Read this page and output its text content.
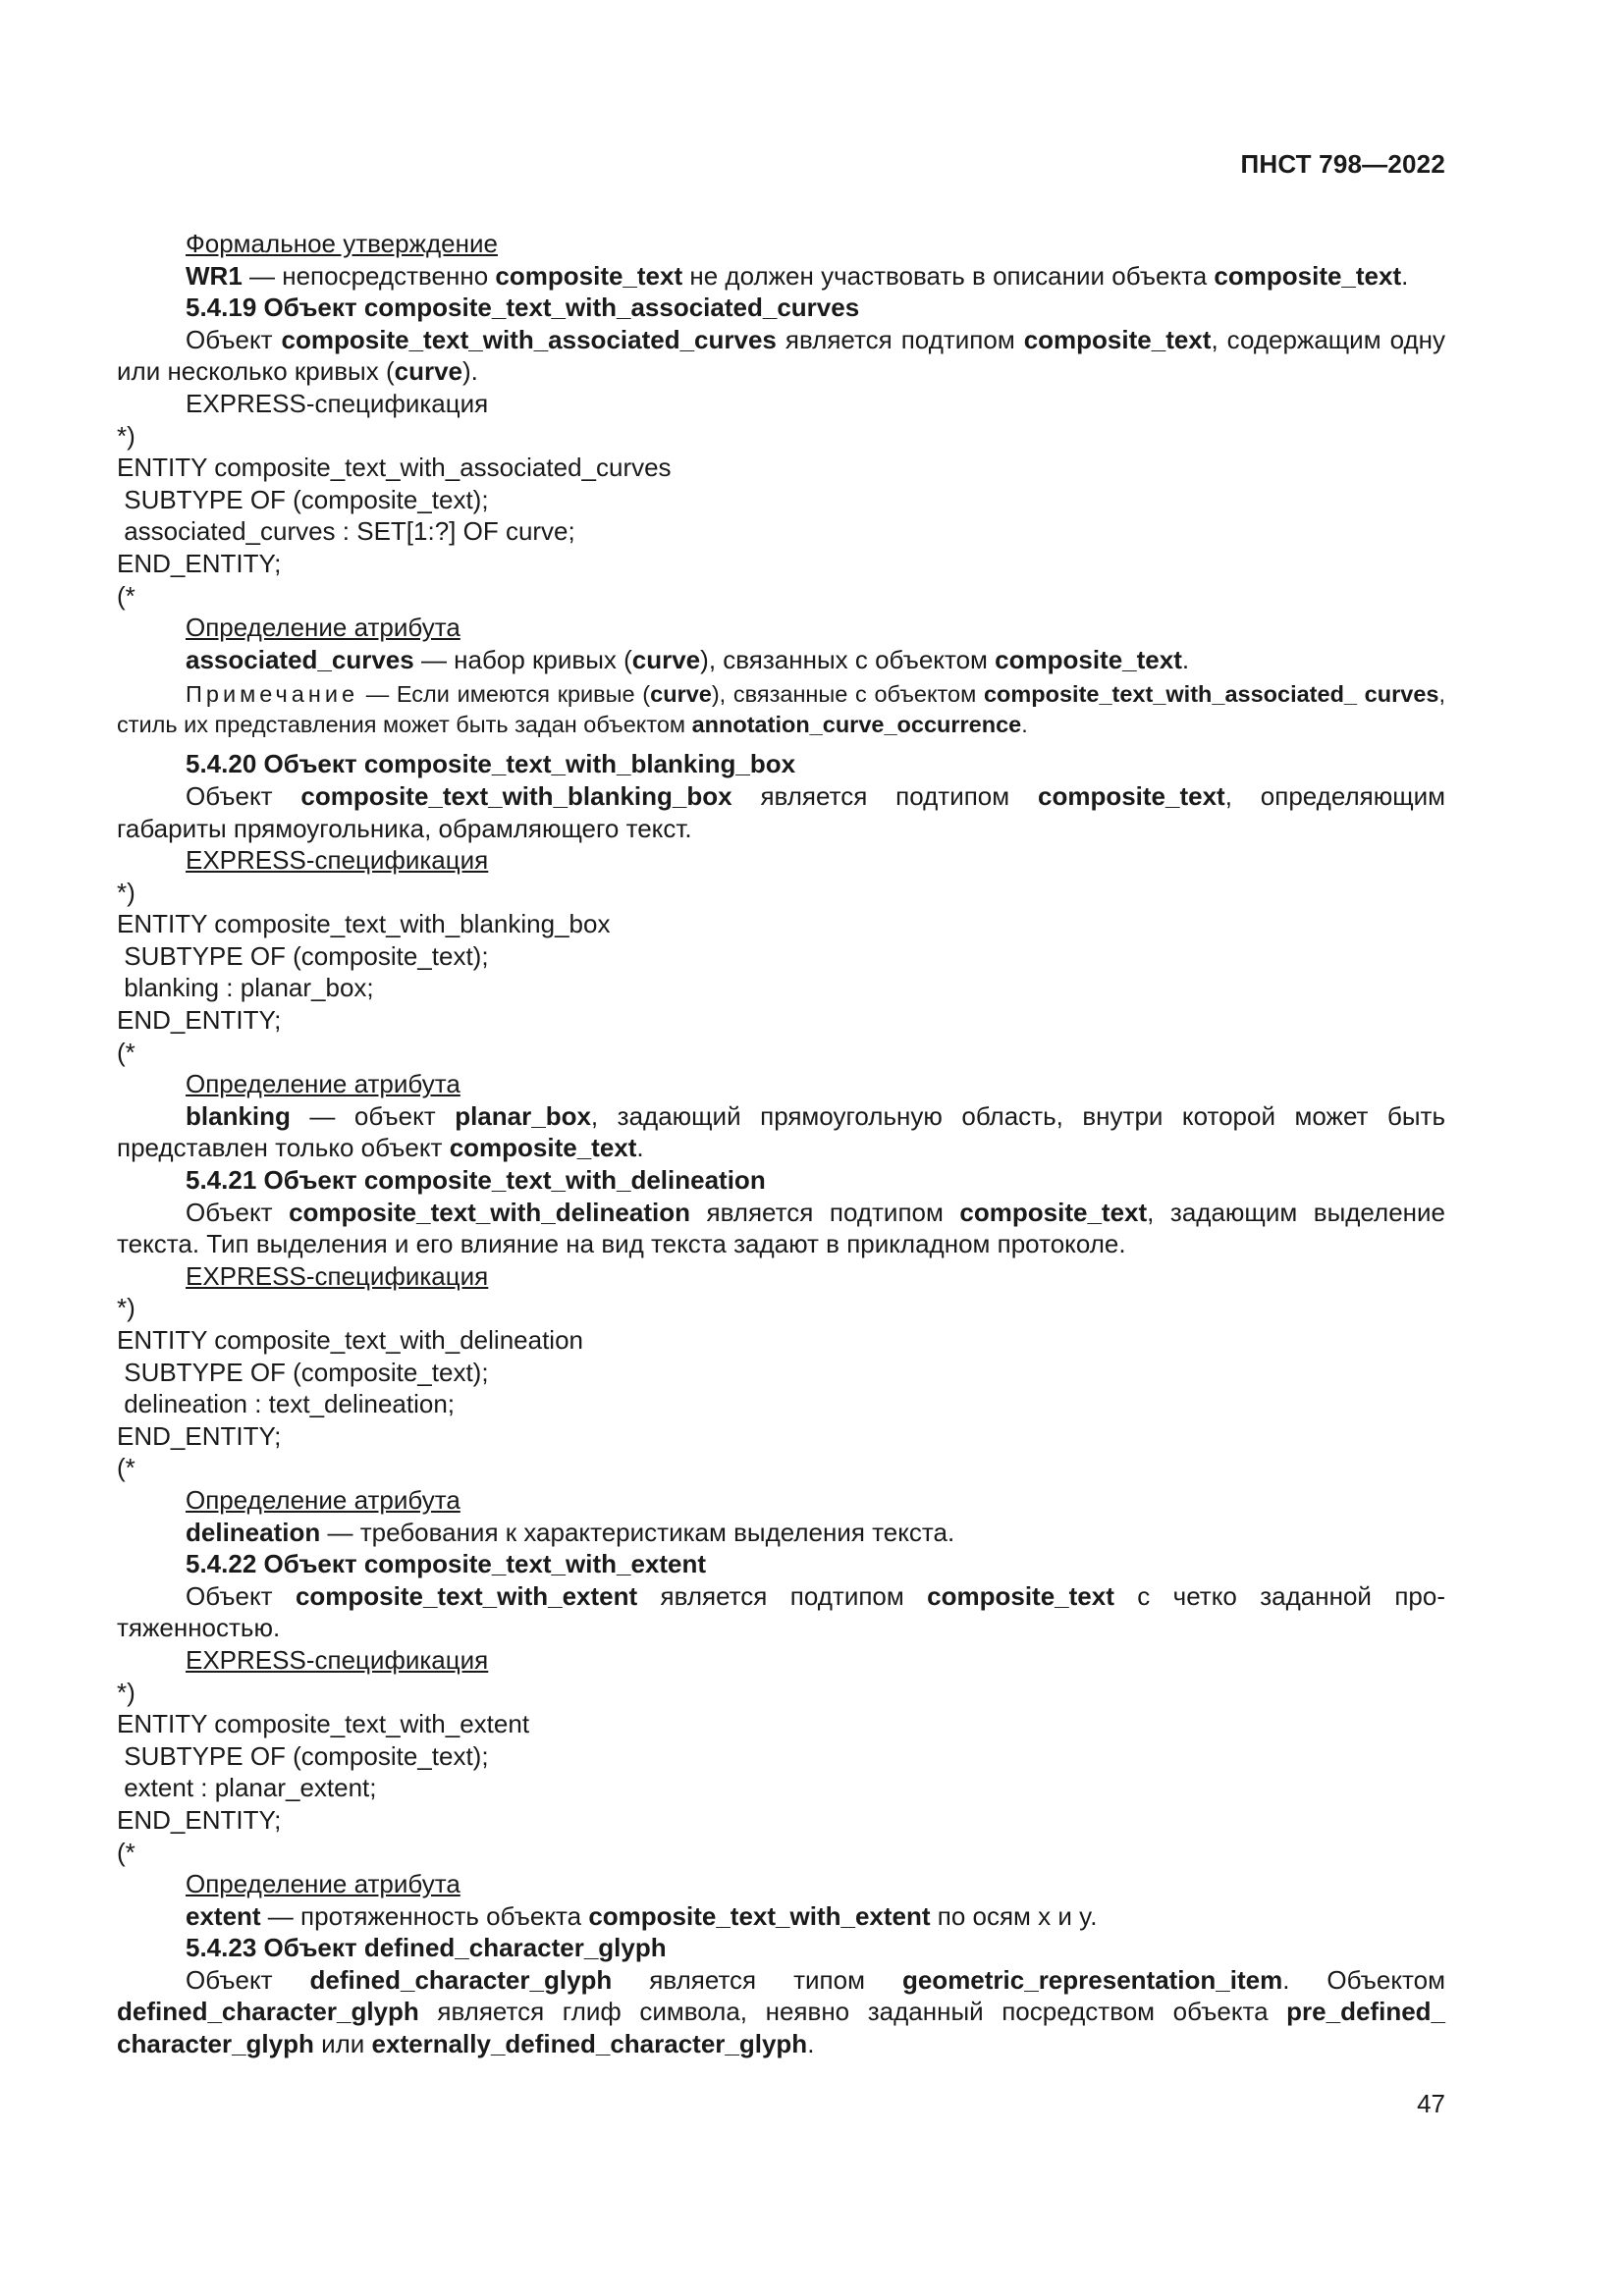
ПНСТ 798—2022

Формальное утверждение

WR1 — непосредственно composite_text не должен участвовать в описании объекта composite_text.

5.4.19 Объект composite_text_with_associated_curves

Объект composite_text_with_associated_curves является подтипом composite_text, содержащим одну или несколько кривых (curve).

EXPRESS-спецификация

*)

ENTITY composite_text_with_associated_curves

SUBTYPE OF (composite_text);

associated_curves : SET[1:?] OF curve;

END_ENTITY;

(*

Определение атрибута

associated_curves — набор кривых (curve), связанных с объектом composite_text.

Примечание — Если имеются кривые (curve), связанные с объектом composite_text_with_associated_ curves, стиль их представления может быть задан объектом annotation_curve_occurrence.

5.4.20 Объект composite_text_with_blanking_box

Объект composite_text_with_blanking_box является подтипом composite_text, определяющим габариты прямоугольника, обрамляющего текст.

EXPRESS-спецификация

*)

ENTITY composite_text_with_blanking_box

SUBTYPE OF (composite_text);

blanking : planar_box;

END_ENTITY;

(*

Определение атрибута

blanking — объект planar_box, задающий прямоугольную область, внутри которой может быть представлен только объект composite_text.

5.4.21 Объект composite_text_with_delineation

Объект composite_text_with_delineation является подтипом composite_text, задающим выделение текста. Тип выделения и его влияние на вид текста задают в прикладном протоколе.

EXPRESS-спецификация

*)

ENTITY composite_text_with_delineation

SUBTYPE OF (composite_text);

delineation : text_delineation;

END_ENTITY;

(*

Определение атрибута

delineation — требования к характеристикам выделения текста.

5.4.22 Объект composite_text_with_extent

Объект composite_text_with_extent является подтипом composite_text с четко заданной протяженностью.

EXPRESS-спецификация

*)

ENTITY composite_text_with_extent

SUBTYPE OF (composite_text);

extent : planar_extent;

END_ENTITY;

(*

Определение атрибута

extent — протяженность объекта composite_text_with_extent по осям x и y.

5.4.23 Объект defined_character_glyph

Объект defined_character_glyph является типом geometric_representation_item. Объектом defined_character_glyph является глиф символа, неявно заданный посредством объекта pre_defined_ character_glyph или externally_defined_character_glyph.

47
